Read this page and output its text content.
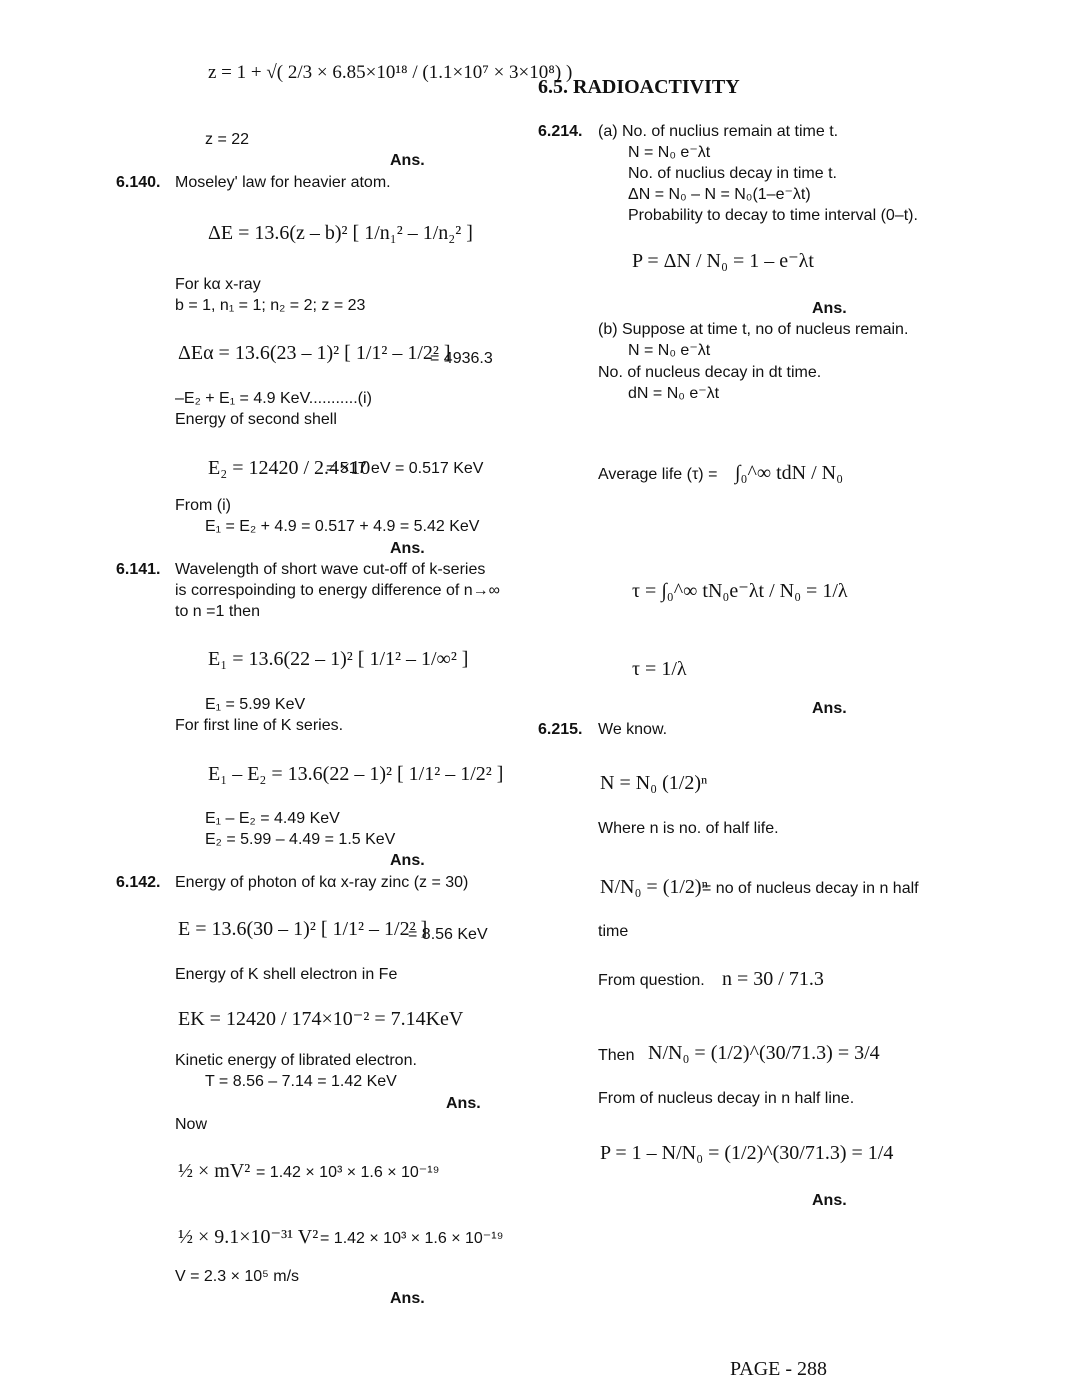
z = 1 + √( 2/3 × 6.85×10¹⁸ / (1.1×10⁷ × 3×10⁸) )
z = 22
Ans.
6.140. Moseley' law for heavier atom.
ΔE = 13.6(z – b)² [ 1/n₁² – 1/n₂² ]
For kα x-ray
b = 1, n₁ = 1; n₂ = 2; z = 23
ΔEα = 13.6(23 – 1)² [ 1/1² – 1/2² ]
= 4936.3
–E₂ + E₁ = 4.9 KeV...........(i)
Energy of second shell
E₂ = 12420 / 2.4×10
= 517 eV = 0.517 KeV
From (i)
E₁ = E₂ + 4.9 = 0.517 + 4.9 = 5.42 KeV
Ans.
6.141. Wavelength of short wave cut-off of k-series
is correspoinding to energy difference of n→∞
to n =1 then
E₁ = 13.6(22 – 1)² [ 1/1² – 1/∞² ]
E₁ = 5.99 KeV
For first line of K series.
E₁ – E₂ = 13.6(22 – 1)² [ 1/1² – 1/2² ]
E₁ – E₂ = 4.49 KeV
E₂ = 5.99 – 4.49 = 1.5 KeV
Ans.
6.142. Energy of photon of kα x-ray zinc (z = 30)
E = 13.6(30 – 1)² [ 1/1² – 1/2² ]
= 8.56 KeV
Energy of K shell electron in Fe
EK = 12420 / 174×10⁻² = 7.14KeV
Kinetic energy of librated electron.
T = 8.56 – 7.14 = 1.42 KeV
Ans.
Now
½ × mV² = 1.42 × 10³ × 1.6 × 10⁻¹⁹
½ × 9.1×10⁻³¹ V² = 1.42 × 10³ × 1.6 × 10⁻¹⁹
V = 2.3 × 10⁵ m/s
Ans.
6.5. RADIOACTIVITY
6.214. (a) No. of nuclius remain at time t.
N = N₀ e⁻λt
No. of nuclius decay in time t.
ΔN = N₀ – N = N₀(1–e⁻λt)
Probability to decay to time interval (0–t).
P = ΔN / N₀ = 1 – e⁻λt
Ans.
(b) Suppose at time t, no of nucleus remain.
N = N₀ e⁻λt
No. of nucleus decay in dt time.
dN = N₀ e⁻λt
Average life (τ) = ∫₀^∞ tdN / N₀
τ = ∫₀^∞ tN₀e⁻λt / N₀ = 1/λ
τ = 1/λ
Ans.
6.215. We know.
N = N₀ (1/2)ⁿ
Where n is no. of half life.
N/N₀ = (1/2)ⁿ
= no of nucleus decay in n half
time
From question. n = 30 / 71.3
Then N/N₀ = (1/2)^(30/71.3) = 3/4
From of nucleus decay in n half line.
P = 1 – N/N₀ = (1/2)^(30/71.3) = 1/4
Ans.
PAGE - 288
